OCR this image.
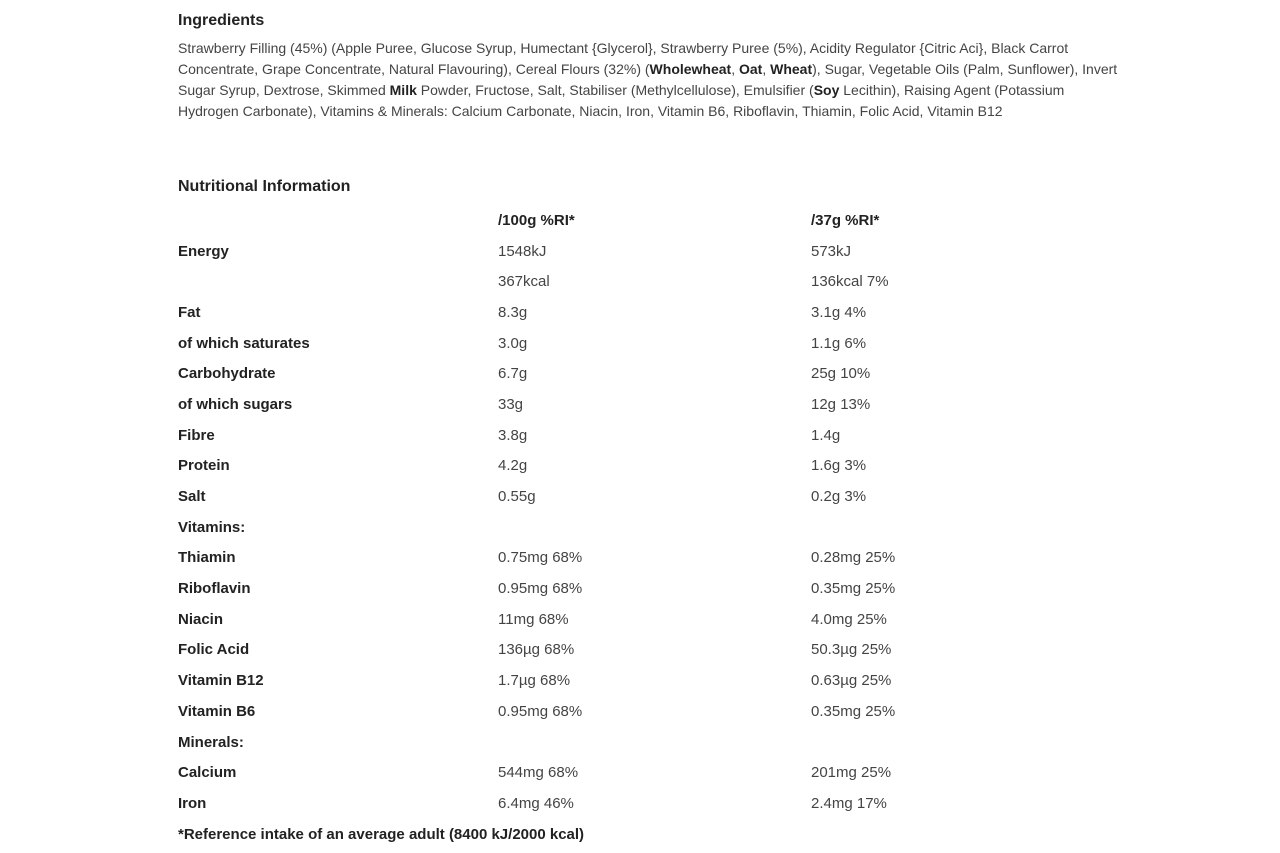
Ingredients

Strawberry Filling (45%) (Apple Puree, Glucose Syrup, Humectant {Glycerol}, Strawberry Puree (5%), Acidity Regulator {Citric Aci}, Black Carrot Concentrate, Grape Concentrate, Natural Flavouring), Cereal Flours (32%) (Wholewheat, Oat, Wheat), Sugar, Vegetable Oils (Palm, Sunflower), Invert Sugar Syrup, Dextrose, Skimmed Milk Powder, Fructose, Salt, Stabiliser (Methylcellulose), Emulsifier (Soy Lecithin), Raising Agent (Potassium Hydrogen Carbonate), Vitamins & Minerals: Calcium Carbonate, Niacin, Iron, Vitamin B6, Riboflavin, Thiamin, Folic Acid, Vitamin B12

Nutritional Information
	/100g %RI*	/37g %RI*
Energy	1548kJ	573kJ
	367kcal	136kcal 7%
Fat	8.3g	3.1g 4%
of which saturates	3.0g	1.1g 6%
Carbohydrate	6.7g	25g 10%
of which sugars	33g	12g 13%
Fibre	3.8g	1.4g
Protein	4.2g	1.6g 3%
Salt	0.55g	0.2g 3%
Vitamins:		
Thiamin	0.75mg 68%	0.28mg 25%
Riboflavin	0.95mg 68%	0.35mg 25%
Niacin	11mg 68%	4.0mg 25%
Folic Acid	136µg 68%	50.3µg 25%
Vitamin B12	1.7µg 68%	0.63µg 25%
Vitamin B6	0.95mg 68%	0.35mg 25%
Minerals:		
Calcium	544mg 68%	201mg 25%
Iron	6.4mg 46%	2.4mg 17%
*Reference intake of an average adult (8400 kJ/2000 kcal)
